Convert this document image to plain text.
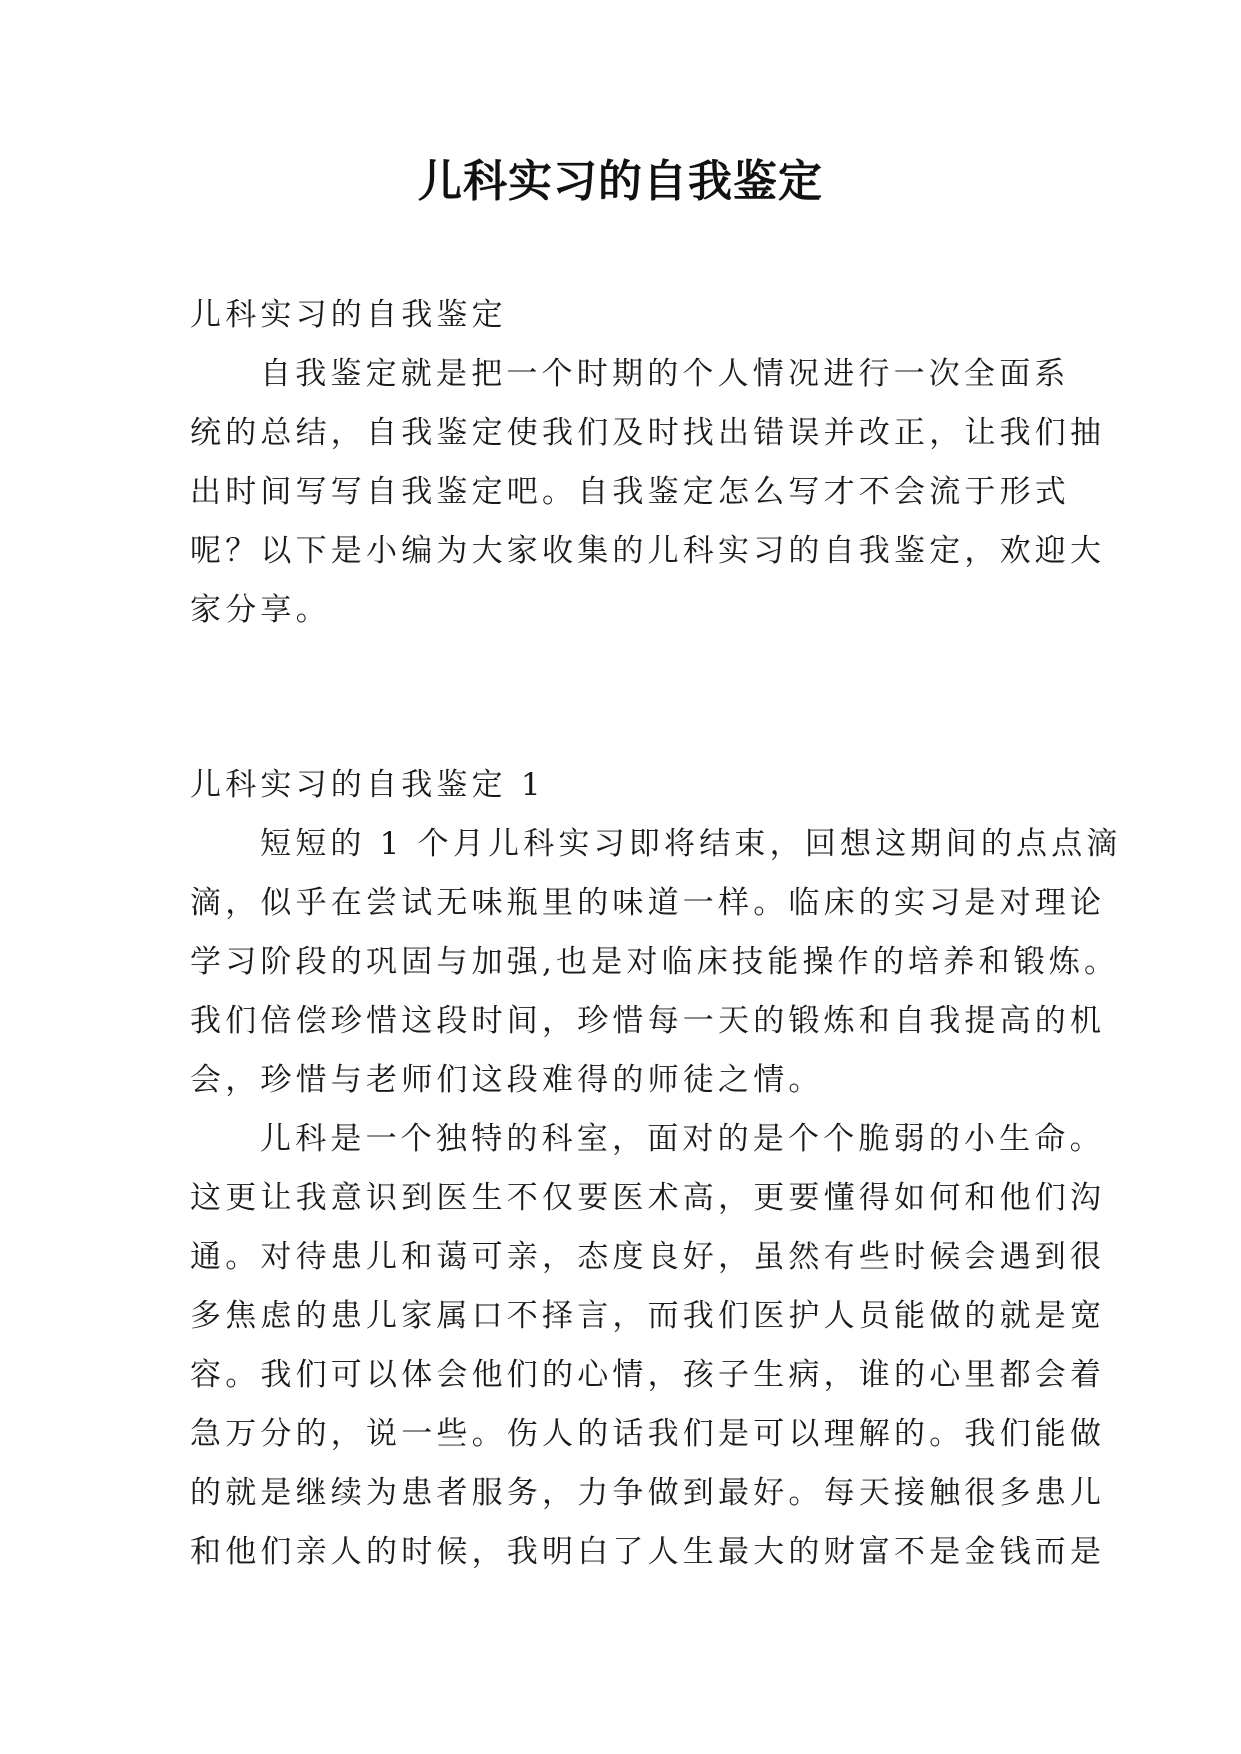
儿科实习的自我鉴定
儿科实习的自我鉴定
自我鉴定就是把一个时期的个人情况进行一次全面系
统的总结，自我鉴定使我们及时找出错误并改正，让我们抽
出时间写写自我鉴定吧。自我鉴定怎么写才不会流于形式
呢？以下是小编为大家收集的儿科实习的自我鉴定，欢迎大
家分享。
儿科实习的自我鉴定 1
短短的 1 个月儿科实习即将结束，回想这期间的点点滴
滴，似乎在尝试无味瓶里的味道一样。临床的实习是对理论
学习阶段的巩固与加强,也是对临床技能操作的培养和锻炼。
我们倍偿珍惜这段时间，珍惜每一天的锻炼和自我提高的机
会，珍惜与老师们这段难得的师徒之情。
儿科是一个独特的科室，面对的是个个脆弱的小生命。
这更让我意识到医生不仅要医术高，更要懂得如何和他们沟
通。对待患儿和蔼可亲，态度良好，虽然有些时候会遇到很
多焦虑的患儿家属口不择言，而我们医护人员能做的就是宽
容。我们可以体会他们的心情，孩子生病，谁的心里都会着
急万分的，说一些。伤人的话我们是可以理解的。我们能做
的就是继续为患者服务，力争做到最好。每天接触很多患儿
和他们亲人的时候，我明白了人生最大的财富不是金钱而是
